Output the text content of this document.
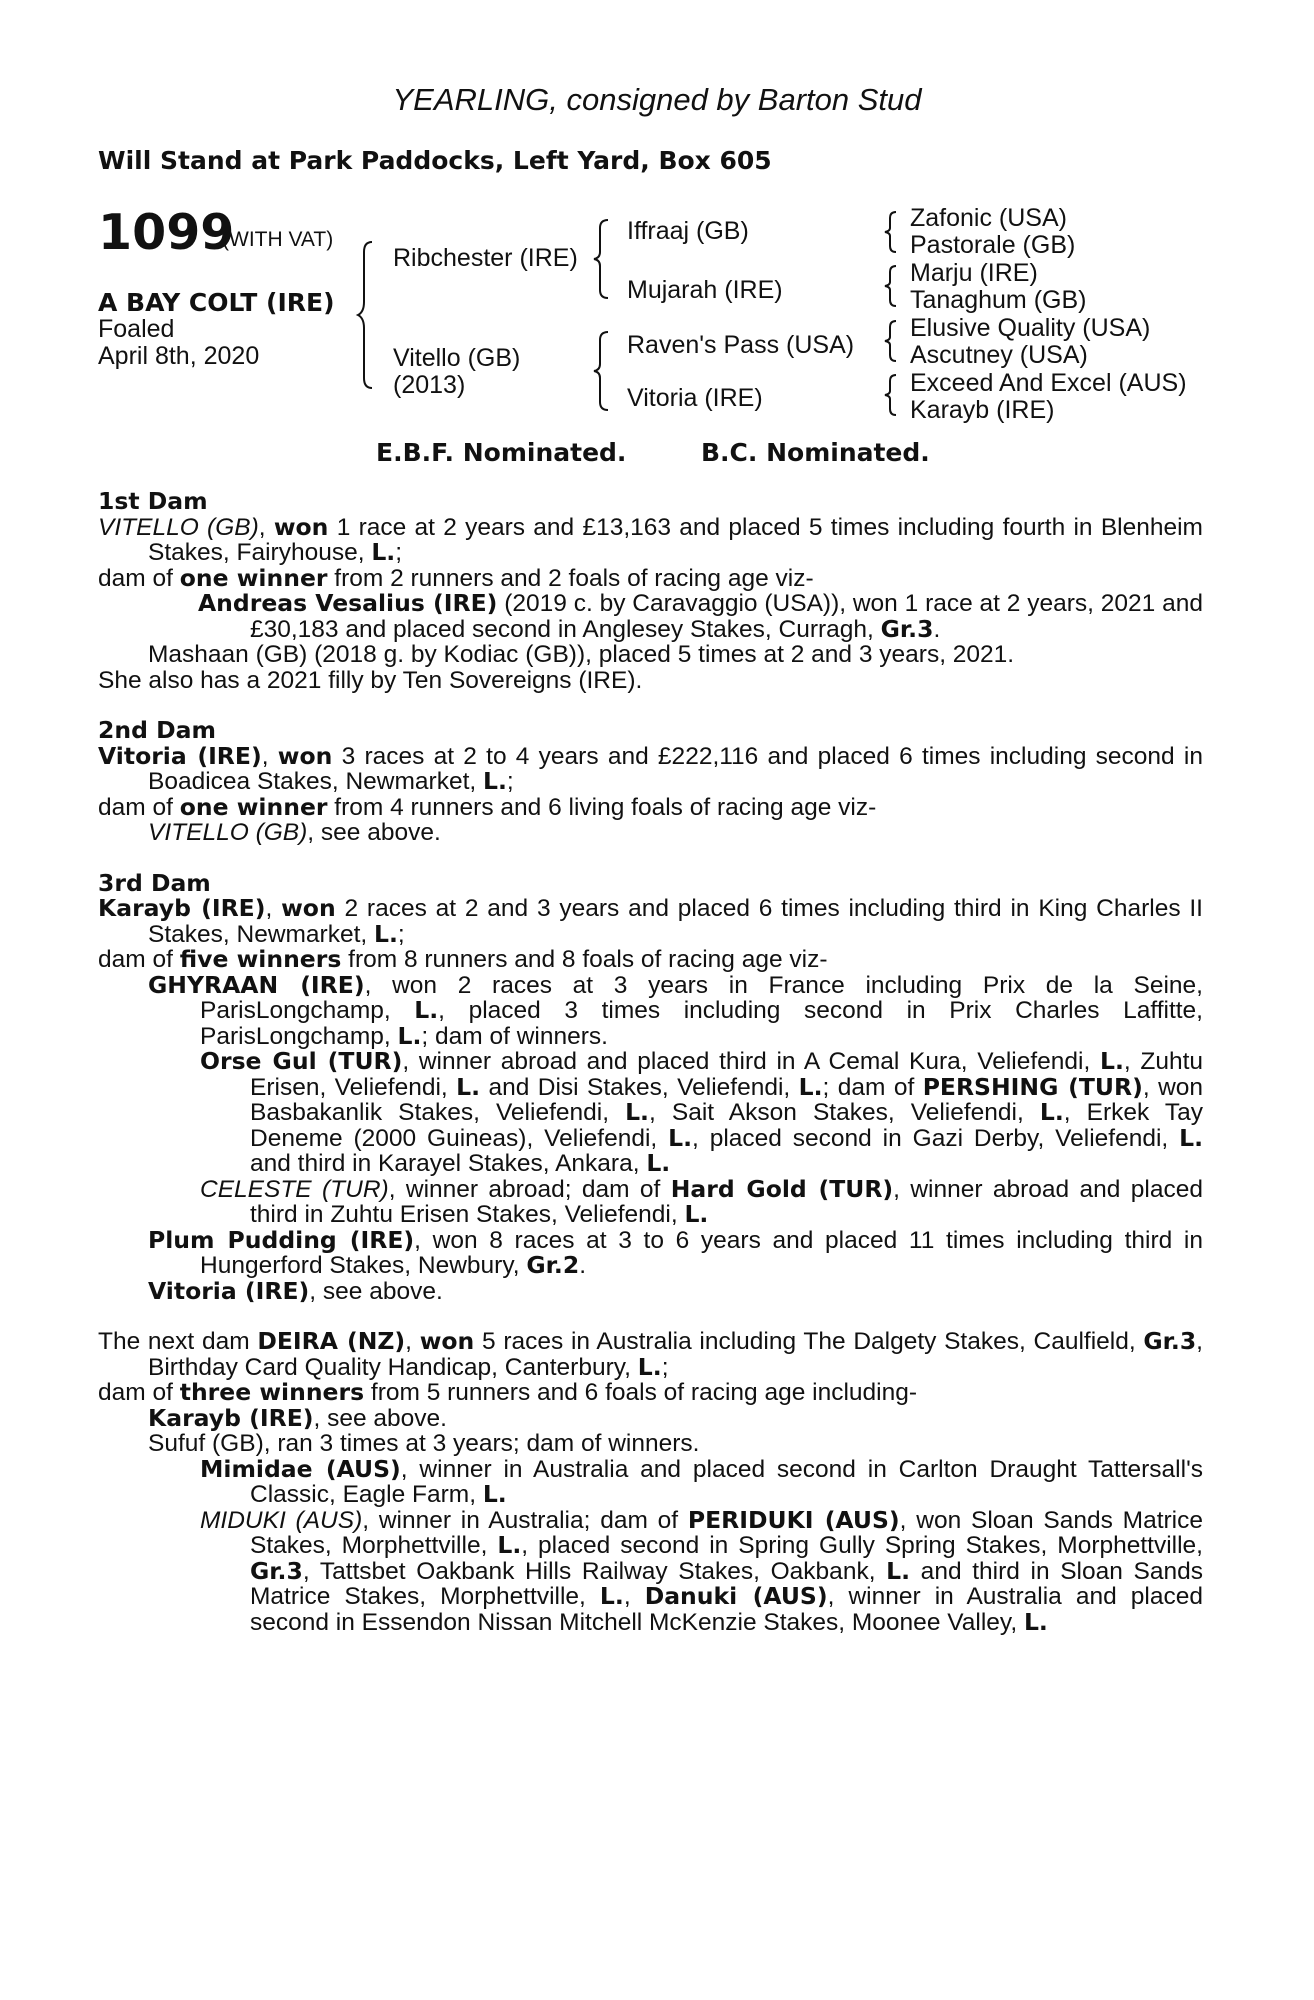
YEARLING, consigned by Barton Stud
Will Stand at Park Paddocks, Left Yard, Box 605
1099
(WITH VAT)
A BAY COLT (IRE)
Foaled
April 8th, 2020
Ribchester (IRE)
Vitello (GB)
(2013)
Iffraaj (GB)
Mujarah (IRE)
Raven's Pass (USA)
Vitoria (IRE)
Zafonic (USA)
Pastorale (GB)
Marju (IRE)
Tanaghum (GB)
Elusive Quality (USA)
Ascutney (USA)
Exceed And Excel (AUS)
Karayb (IRE)
E.B.F. Nominated.	B.C. Nominated.

1st Dam

VITELLO (GB), won 1 race at 2 years and £13,163 and placed 5 times including fourth in Blenheim Stakes, Fairyhouse, L.;

dam of one winner from 2 runners and 2 foals of racing age viz-

Andreas Vesalius (IRE) (2019 c. by Caravaggio (USA)), won 1 race at 2 years, 2021 and £30,183 and placed second in Anglesey Stakes, Curragh, Gr.3.

Mashaan (GB) (2018 g. by Kodiac (GB)), placed 5 times at 2 and 3 years, 2021.

She also has a 2021 filly by Ten Sovereigns (IRE).

2nd Dam

Vitoria (IRE), won 3 races at 2 to 4 years and £222,116 and placed 6 times including second in Boadicea Stakes, Newmarket, L.;

dam of one winner from 4 runners and 6 living foals of racing age viz-

VITELLO (GB), see above.

3rd Dam

Karayb (IRE), won 2 races at 2 and 3 years and placed 6 times including third in King Charles II Stakes, Newmarket, L.;

dam of five winners from 8 runners and 8 foals of racing age viz-

GHYRAAN (IRE), won 2 races at 3 years in France including Prix de la Seine, ParisLongchamp, L., placed 3 times including second in Prix Charles Laffitte, ParisLongchamp, L.; dam of winners.

Orse Gul (TUR), winner abroad and placed third in A Cemal Kura, Veliefendi, L., Zuhtu Erisen, Veliefendi, L. and Disi Stakes, Veliefendi, L.; dam of PERSHING (TUR), won Basbakanlik Stakes, Veliefendi, L., Sait Akson Stakes, Veliefendi, L., Erkek Tay Deneme (2000 Guineas), Veliefendi, L., placed second in Gazi Derby, Veliefendi, L. and third in Karayel Stakes, Ankara, L.

CELESTE (TUR), winner abroad; dam of Hard Gold (TUR), winner abroad and placed third in Zuhtu Erisen Stakes, Veliefendi, L.

Plum Pudding (IRE), won 8 races at 3 to 6 years and placed 11 times including third in Hungerford Stakes, Newbury, Gr.2.

Vitoria (IRE), see above.

The next dam DEIRA (NZ), won 5 races in Australia including The Dalgety Stakes, Caulfield, Gr.3, Birthday Card Quality Handicap, Canterbury, L.;

dam of three winners from 5 runners and 6 foals of racing age including-

Karayb (IRE), see above.

Sufuf (GB), ran 3 times at 3 years; dam of winners.

Mimidae (AUS), winner in Australia and placed second in Carlton Draught Tattersall's Classic, Eagle Farm, L.

MIDUKI (AUS), winner in Australia; dam of PERIDUKI (AUS), won Sloan Sands Matrice Stakes, Morphettville, L., placed second in Spring Gully Spring Stakes, Morphettville, Gr.3, Tattsbet Oakbank Hills Railway Stakes, Oakbank, L. and third in Sloan Sands Matrice Stakes, Morphettville, L., Danuki (AUS), winner in Australia and placed second in Essendon Nissan Mitchell McKenzie Stakes, Moonee Valley, L.
